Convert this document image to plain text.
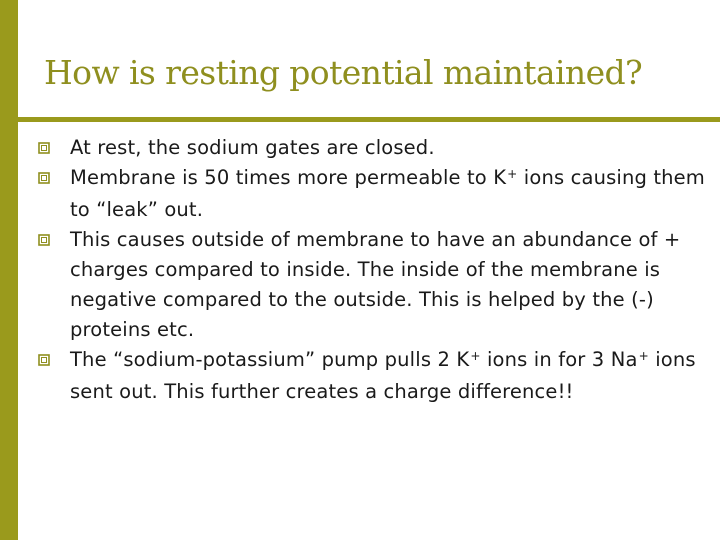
How is resting potential maintained?
At rest, the sodium gates are closed.
Membrane is 50 times more permeable to K+ ions causing them to “leak” out.
This causes outside of membrane to have an abundance of + charges compared to inside. The inside of the membrane is negative compared to the outside. This is helped by the (-) proteins etc.
The “sodium-potassium” pump pulls 2 K+ ions in for 3 Na+ ions sent out. This further creates a charge difference!!
